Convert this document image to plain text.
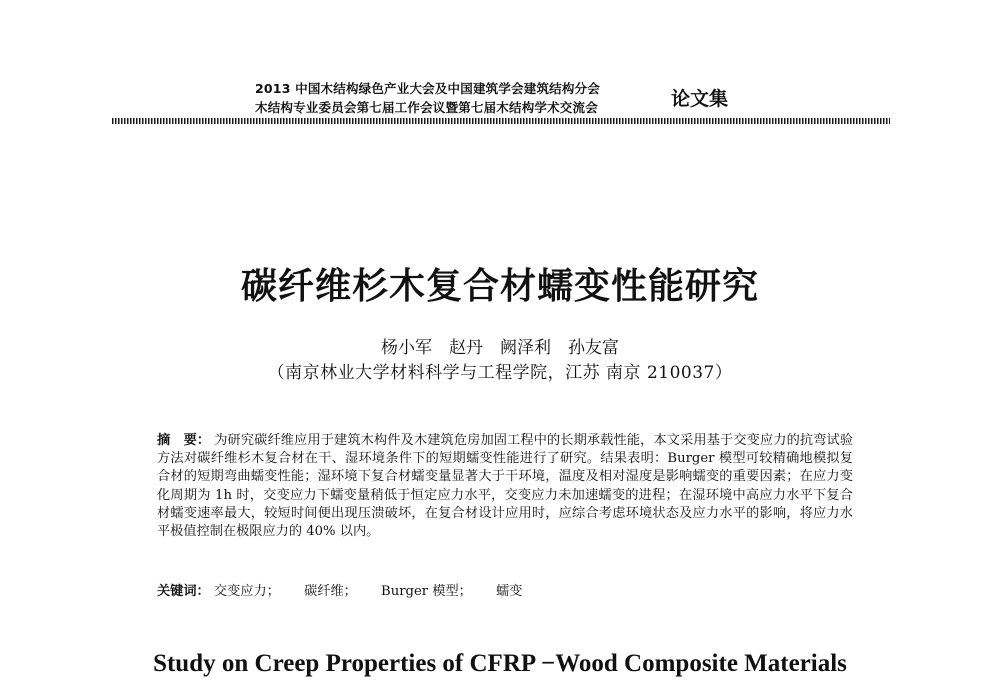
2013 中国木结构绿色产业大会及中国建筑学会建筑结构分会
木结构专业委员会第七届工作会议暨第七届木结构学术交流会	论文集
碳纤维杉木复合材蠕变性能研究
杨小军　赵丹　阙泽利　孙友富
（南京林业大学材料科学与工程学院，江苏 南京 210037）
摘　要： 为研究碳纤维应用于建筑木构件及木建筑危房加固工程中的长期承载性能，本文采用基于交变应力的抗弯试验方法对碳纤维杉木复合材在干、湿环境条件下的短期蠕变性能进行了研究。结果表明：Burger 模型可较精确地模拟复合材的短期弯曲蠕变性能；湿环境下复合材蠕变量显著大于干环境，温度及相对湿度是影响蠕变的重要因素；在应力变化周期为 1h 时，交变应力下蠕变量稍低于恒定应力水平，交变应力未加速蠕变的进程；在湿环境中高应力水平下复合材蠕变速率最大，较短时间便出现压溃破坏，在复合材设计应用时，应综合考虑环境状态及应力水平的影响，将应力水平极值控制在极限应力的 40% 以内。
关键词： 交变应力； 碳纤维； Burger 模型； 蠕变
Study on Creep Properties of CFRP −Wood Composite Materials
